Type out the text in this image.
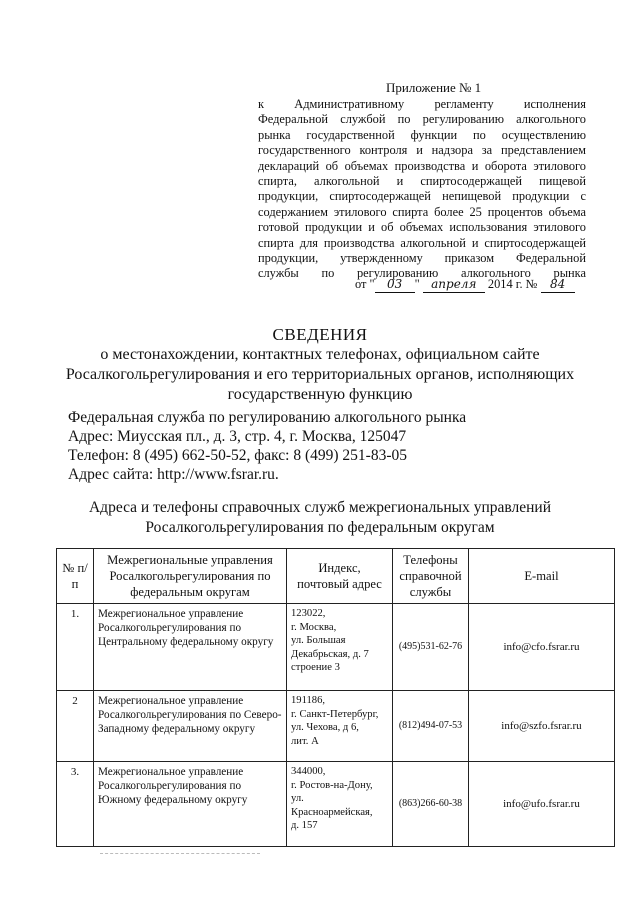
Приложение № 1
к Административному регламенту исполнения
Федеральной службой по регулированию алкогольного
рынка государственной функции по осуществлению
государственного контроля и надзора за представлением
деклараций об объемах производства и оборота этилового
спирта, алкогольной и спиртосодержащей пищевой
продукции, спиртосодержащей непищевой продукции с
содержанием этилового спирта более 25 процентов объема
готовой продукции и об объемах использования этилового
спирта для производства алкогольной и спиртосодержащей
продукции, утвержденному приказом Федеральной
службы по регулированию алкогольного рынка
от " 03 " апреля 2014 г. № 84
СВЕДЕНИЯ
о местонахождении, контактных телефонах, официальном сайте
Росалкогольрегулирования и его территориальных органов, исполняющих
государственную функцию
Федеральная служба по регулированию алкогольного рынка
Адрес: Миусская пл., д. 3, стр. 4, г. Москва, 125047
Телефон: 8 (495) 662-50-52, факс: 8 (499) 251-83-05
Адрес сайта: http://www.fsrar.ru.
Адреса и телефоны справочных служб межрегиональных управлений
Росалкогольрегулирования по федеральным округам
№ п/п	Межрегиональные управления Росалкогольрегулирования по федеральным округам	Индекс, почтовый адрес	Телефоны справочной службы	E-mail
1.	Межрегиональное управление Росалкогольрегулирования по Центральному федеральному округу	123022,
г. Москва,
ул. Большая
Декабрьская, д. 7
строение 3	(495)531-62-76	info@cfo.fsrar.ru
2	Межрегиональное управление Росалкогольрегулирования по Северо-Западному федеральному округу	191186,
г. Санкт-Петербург,
ул. Чехова, д 6,
лит. А	(812)494-07-53	info@szfo.fsrar.ru
3.	Межрегиональное управление Росалкогольрегулирования по Южному федеральному округу	344000,
г. Ростов-на-Дону,
ул.
Красноармейская,
д. 157	(863)266-60-38	info@ufo.fsrar.ru
